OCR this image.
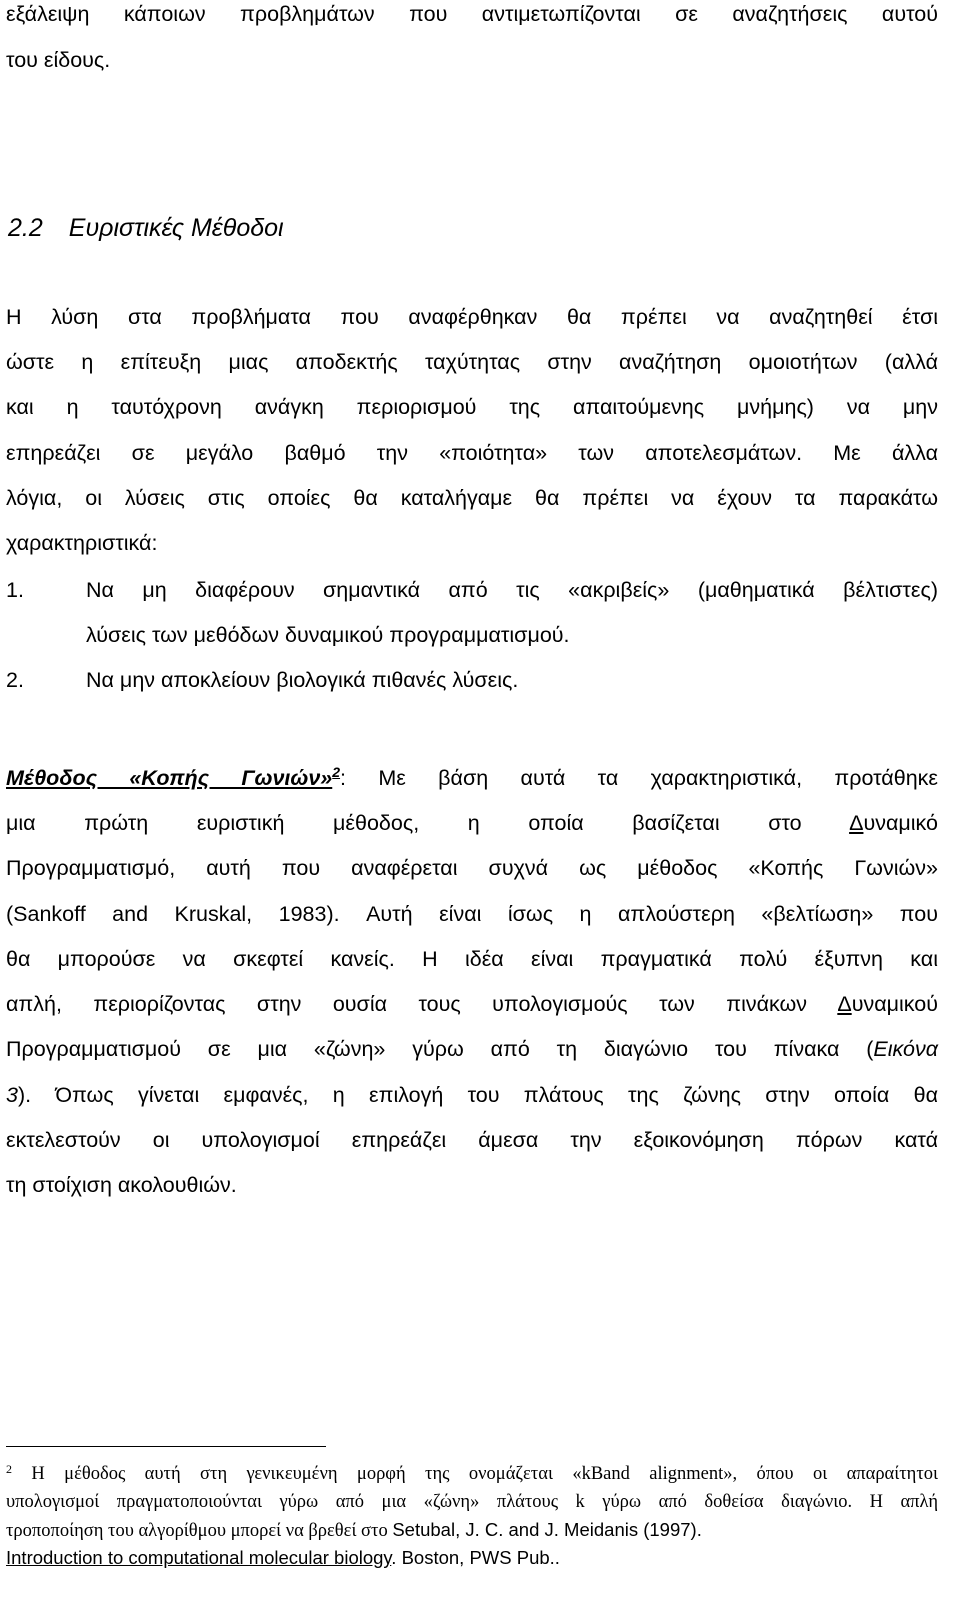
εξάλειψη κάποιων προβλημάτων που αντιμετωπίζονται σε αναζητήσεις αυτού
του είδους.
2.2 Ευριστικές Μέθοδοι
Η λύση στα προβλήματα που αναφέρθηκαν θα πρέπει να αναζητηθεί έτσι
ώστε η επίτευξη μιας αποδεκτής ταχύτητας στην αναζήτηση ομοιοτήτων (αλλά
και η ταυτόχρονη ανάγκη περιορισμού της απαιτούμενης μνήμης) να μην
επηρεάζει σε μεγάλο βαθμό την «ποιότητα» των αποτελεσμάτων. Με άλλα
λόγια, οι λύσεις στις οποίες θα καταλήγαμε θα πρέπει να έχουν τα παρακάτω
χαρακτηριστικά:
1.	Να μη διαφέρουν σημαντικά από τις «ακριβείς» (μαθηματικά βέλτιστες)
λύσεις των μεθόδων δυναμικού προγραμματισμού.
2.	Να μην αποκλείουν βιολογικά πιθανές λύσεις.
Μέθοδος «Κοπής Γωνιών»$^2$: Με βάση αυτά τα χαρακτηριστικά, προτάθηκε
μια πρώτη ευριστική μέθοδος, η οποία βασίζεται στο Δυναμικό
Προγραμματισμό, αυτή που αναφέρεται συχνά ως μέθοδος «Κοπής Γωνιών»
(Sankoff and Kruskal, 1983). Αυτή είναι ίσως η απλούστερη «βελτίωση» που
θα μπορούσε να σκεφτεί κανείς. Η ιδέα είναι πραγματικά πολύ έξυπνη και
απλή, περιορίζοντας στην ουσία τους υπολογισμούς των πινάκων Δυναμικού
Προγραμματισμού σε μια «ζώνη» γύρω από τη διαγώνιο του πίνακα (Εικόνα
3). Όπως γίνεται εμφανές, η επιλογή του πλάτους της ζώνης στην οποία θα
εκτελεστούν οι υπολογισμοί επηρεάζει άμεσα την εξοικονόμηση πόρων κατά
τη στοίχιση ακολουθιών.
$^2$ Η μέθοδος αυτή στη γενικευμένη μορφή της ονομάζεται «kBand alignment», όπου οι απαραίτητοι
υπολογισμοί πραγματοποιούνται γύρω από μια «ζώνη» πλάτους k γύρω από δοθείσα διαγώνιο. Η απλή
τροποποίηση του αλγορίθμου μπορεί να βρεθεί στο Setubal, J. C. and J. Meidanis (1997).
Introduction to computational molecular biology. Boston, PWS Pub..
